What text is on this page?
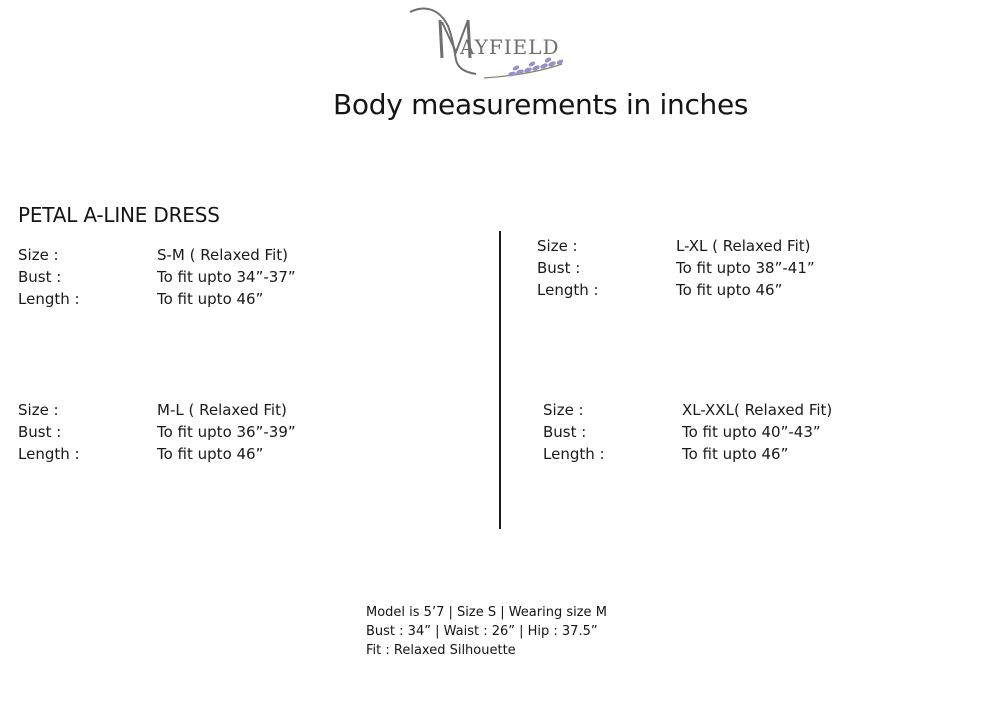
AYFIELD
Body measurements in inches
PETAL A-LINE DRESS
Size :	S-M ( Relaxed Fit)
Bust :	To fit upto 34”-37”
Length :	To fit upto 46”
Size :	L-XL ( Relaxed Fit)
Bust :	To fit upto 38”-41”
Length :	To fit upto 46”
Size :	M-L ( Relaxed Fit)
Bust :	To fit upto 36”-39”
Length :	To fit upto 46”
Size :	XL-XXL( Relaxed Fit)
Bust :	To fit upto 40”-43”
Length :	To fit upto 46”
Model is 5’7 | Size S | Wearing size M
Bust : 34” | Waist : 26” | Hip : 37.5”
Fit : Relaxed Silhouette
